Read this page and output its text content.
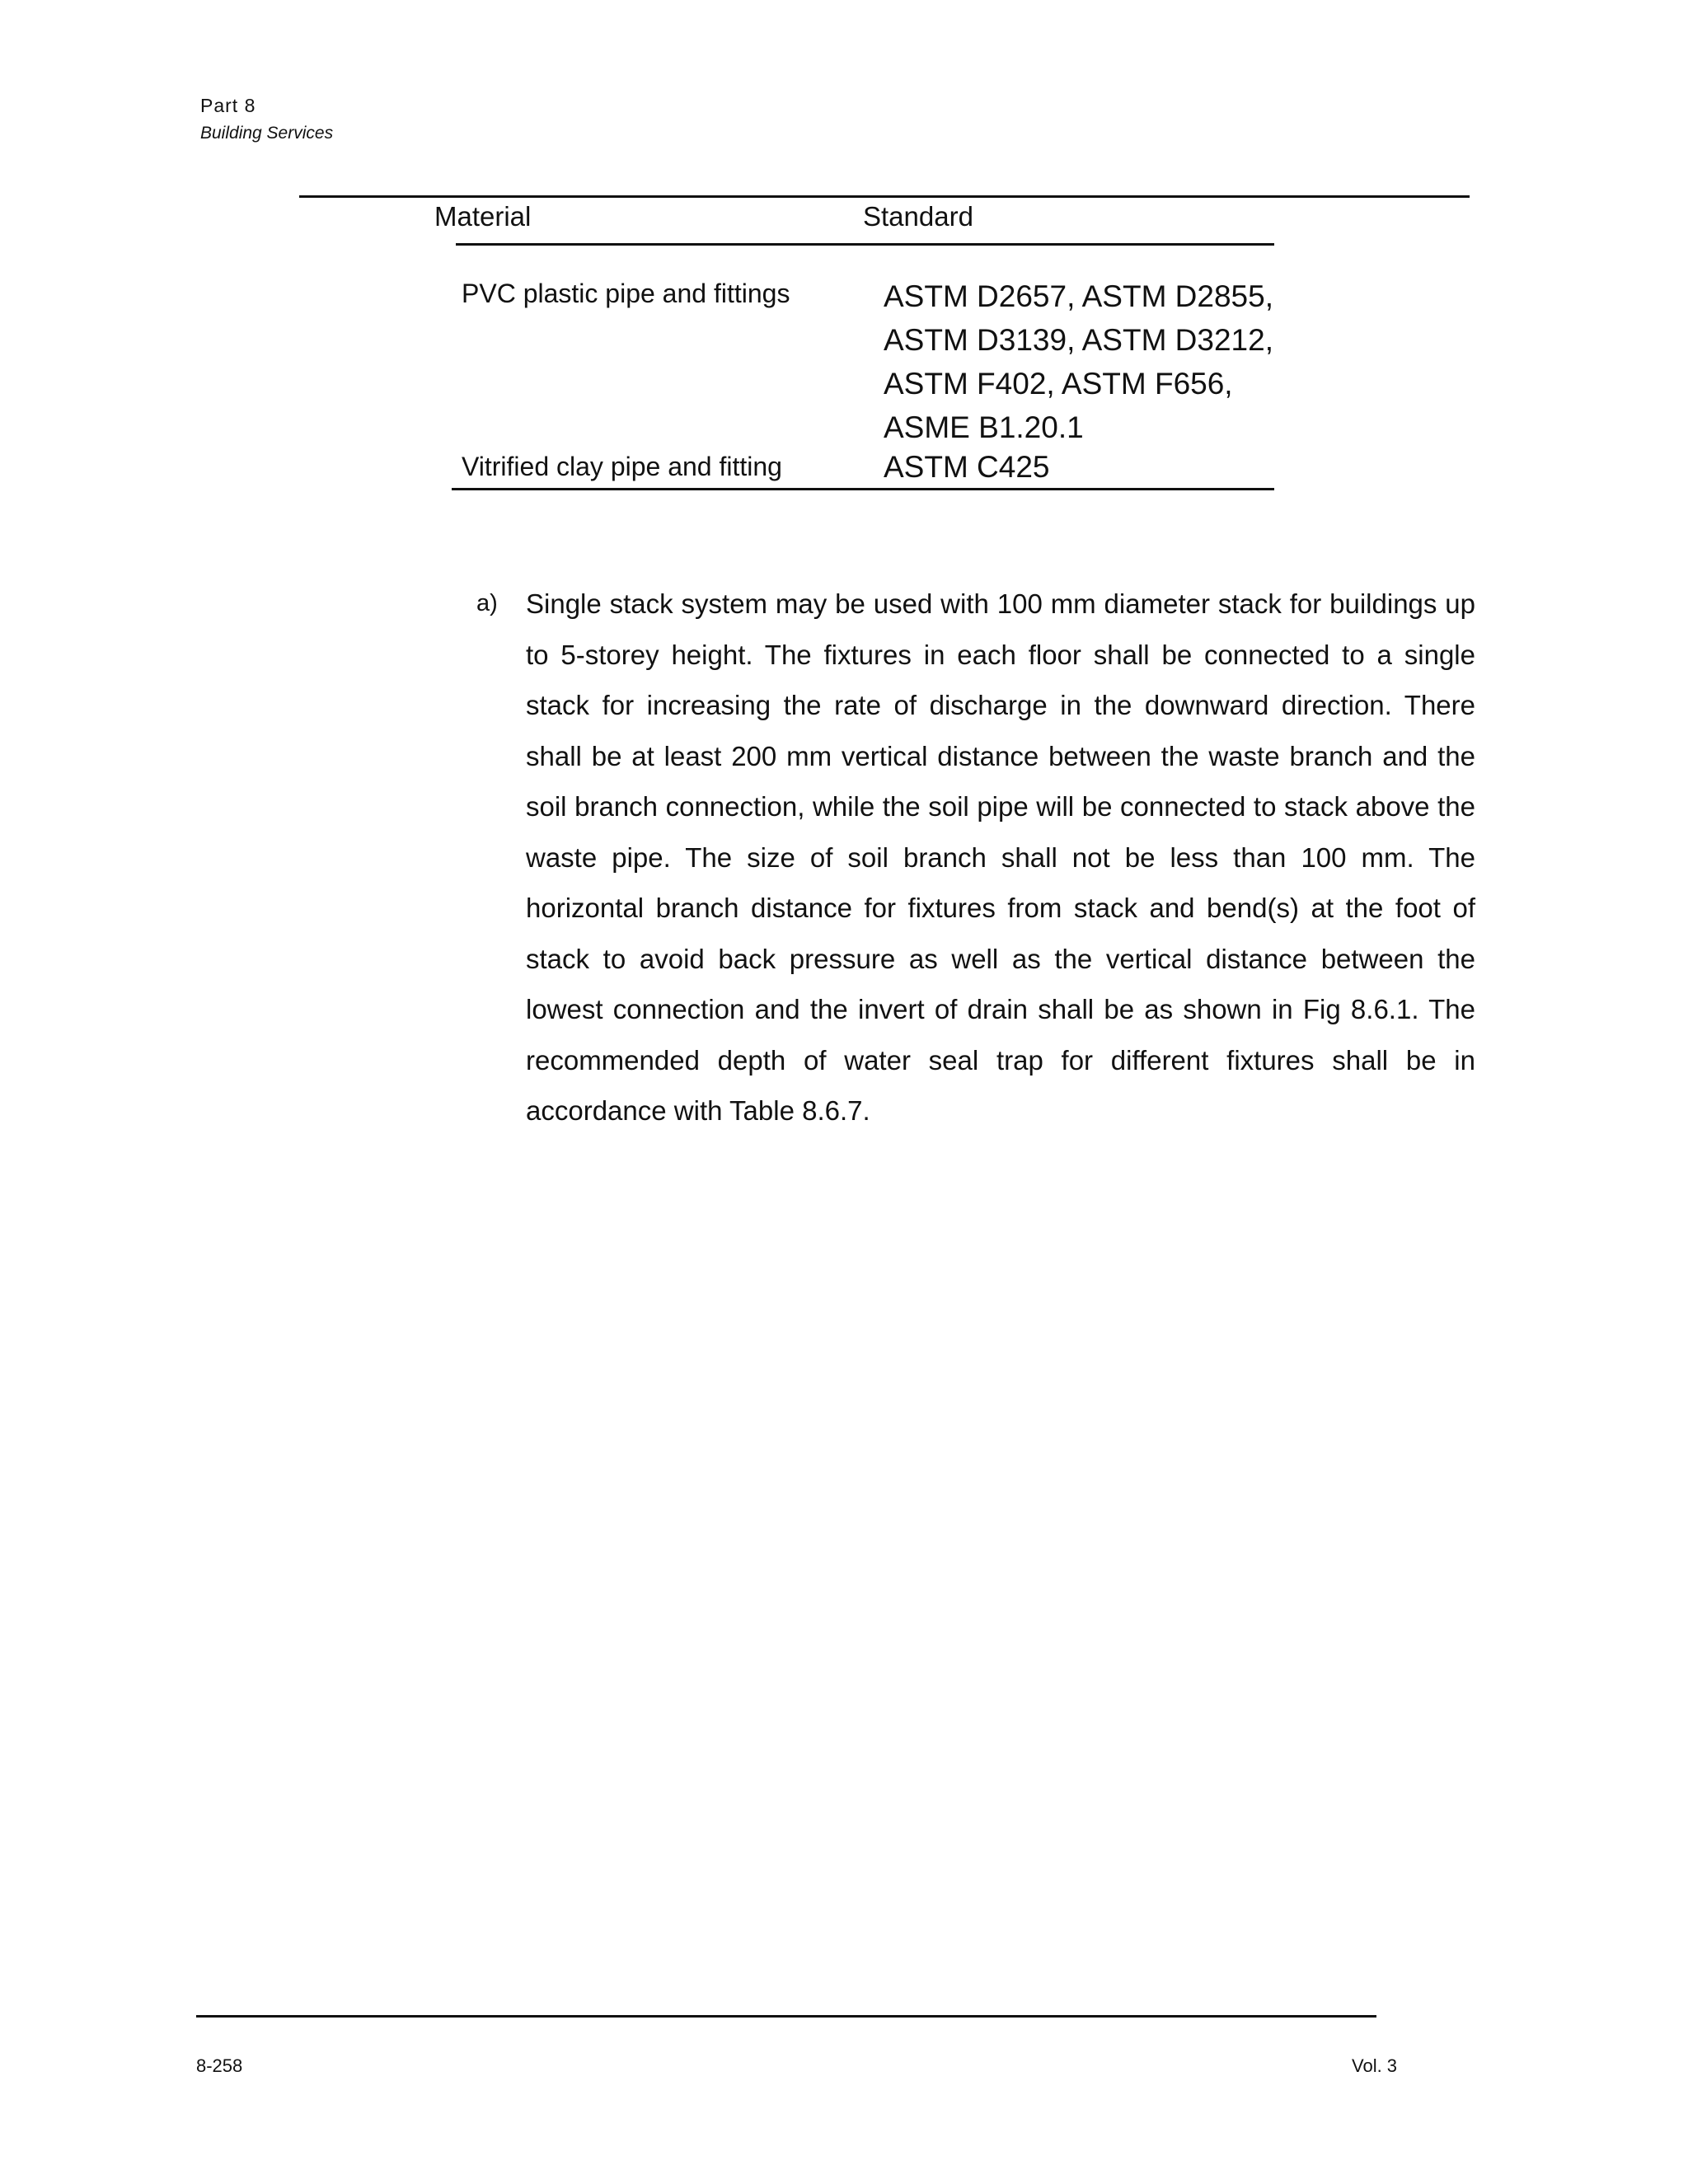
Part 8
Building Services
Material	Standard
PVC plastic pipe and fittings	ASTM D2657, ASTM D2855,
ASTM D3139, ASTM D3212,
ASTM F402, ASTM F656,
ASME B1.20.1
Vitrified clay pipe and fitting	ASTM C425
a) Single stack system may be used with 100 mm diameter stack for buildings up to 5-storey height. The fixtures in each floor shall be connected to a single stack for increasing the rate of discharge in the downward direction. There shall be at least 200 mm vertical distance between the waste branch and the soil branch connection, while the soil pipe will be connected to stack above the waste pipe. The size of soil branch shall not be less than 100 mm. The horizontal branch distance for fixtures from stack and bend(s) at the foot of stack to avoid back pressure as well as the vertical distance between the lowest connection and the invert of drain shall be as shown in Fig 8.6.1. The recommended depth of water seal trap for different fixtures shall be in accordance with Table 8.6.7.
8-258	Vol. 3
